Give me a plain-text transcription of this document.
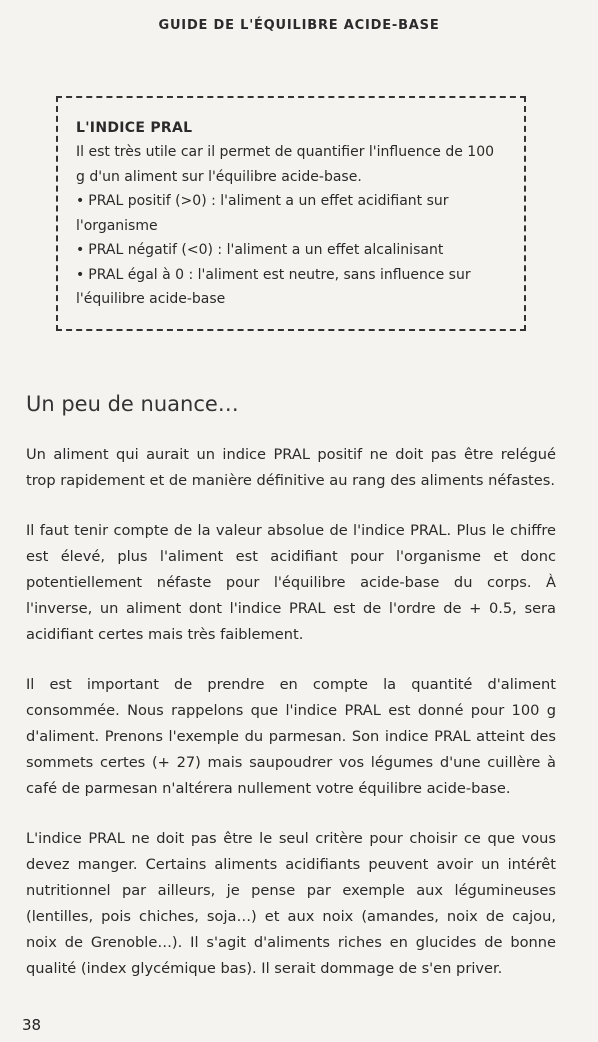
GUIDE DE L'ÉQUILIBRE ACIDE-BASE
L'INDICE PRAL

Il est très utile car il permet de quantifier l'influence de 100 g d'un aliment sur l'équilibre acide-base.

• PRAL positif (>0) : l'aliment a un effet acidifiant sur l'organisme
• PRAL négatif (<0) : l'aliment a un effet alcalinisant
• PRAL égal à 0 : l'aliment est neutre, sans influence sur l'équilibre acide-base
Un peu de nuance…

Un aliment qui aurait un indice PRAL positif ne doit pas être relégué trop rapidement et de manière définitive au rang des aliments néfastes.

Il faut tenir compte de la valeur absolue de l'indice PRAL. Plus le chiffre est élevé, plus l'aliment est acidifiant pour l'organisme et donc potentiellement néfaste pour l'équilibre acide-base du corps. À l'inverse, un aliment dont l'indice PRAL est de l'ordre de + 0.5, sera acidifiant certes mais très faiblement.

Il est important de prendre en compte la quantité d'aliment consommée. Nous rappelons que l'indice PRAL est donné pour 100 g d'aliment. Prenons l'exemple du parmesan. Son indice PRAL atteint des sommets certes (+ 27) mais saupoudrer vos légumes d'une cuillère à café de parmesan n'altérera nullement votre équilibre acide-base.

L'indice PRAL ne doit pas être le seul critère pour choisir ce que vous devez manger. Certains aliments acidifiants peuvent avoir un intérêt nutritionnel par ailleurs, je pense par exemple aux légumineuses (lentilles, pois chiches, soja…) et aux noix (amandes, noix de cajou, noix de Grenoble…). Il s'agit d'aliments riches en glucides de bonne qualité (index glycémique bas). Il serait dommage de s'en priver.

38
